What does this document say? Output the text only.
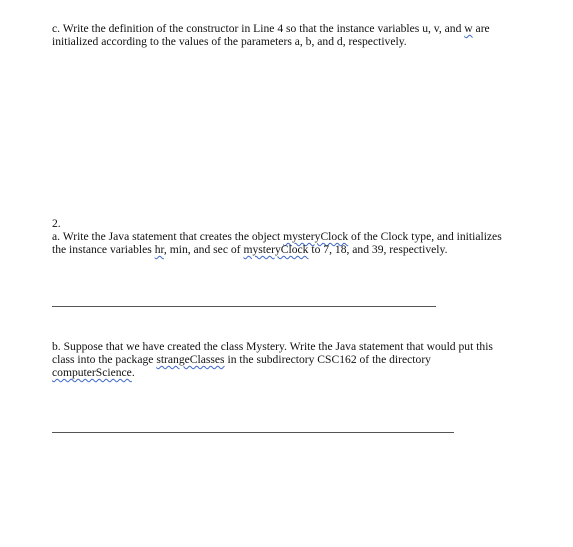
c. Write the definition of the constructor in Line 4 so that the instance variables u, v, and w are
initialized according to the values of the parameters a, b, and d, respectively.
2.
a. Write the Java statement that creates the object mysteryClock of the Clock type, and initializes
the instance variables hr, min, and sec of mysteryClock to 7, 18, and 39, respectively.
b. Suppose that we have created the class Mystery. Write the Java statement that would put this
class into the package strangeClasses in the subdirectory CSC162 of the directory
computerScience.
